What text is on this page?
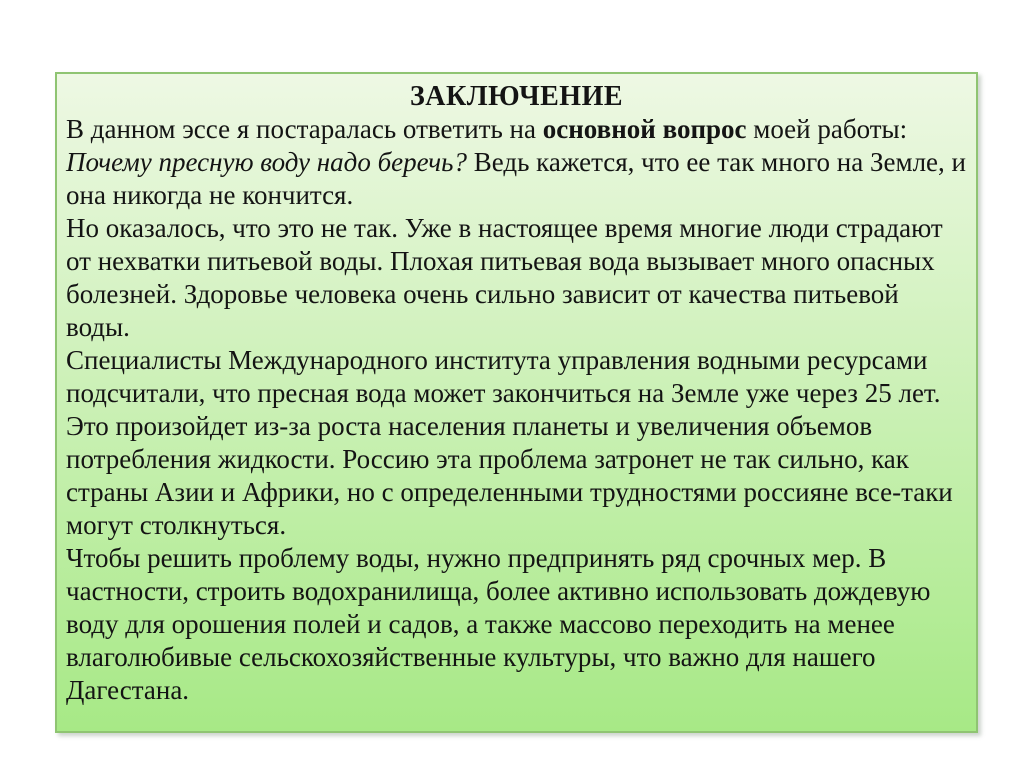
ЗАКЛЮЧЕНИЕ

В данном эссе я постаралась ответить на основной вопрос моей работы: Почему пресную воду надо беречь? Ведь кажется, что ее так много на Земле, и она никогда не кончится.

Но оказалось, что это не так. Уже в настоящее время многие люди страдают от нехватки питьевой воды. Плохая питьевая вода вызывает много опасных болезней. Здоровье человека очень сильно зависит от качества питьевой воды.

Специалисты Международного института управления водными ресурсами подсчитали, что пресная вода может закончиться на Земле уже через 25 лет. Это произойдет из-за роста населения планеты и увеличения объемов потребления жидкости. Россию эта проблема затронет не так сильно, как страны Азии и Африки, но с определенными трудностями россияне все-таки могут столкнуться.

Чтобы решить проблему воды, нужно предпринять ряд срочных мер. В частности, строить водохранилища, более активно использовать дождевую воду для орошения полей и садов, а также массово переходить на менее влаголюбивые сельскохозяйственные культуры, что важно для нашего Дагестана.
